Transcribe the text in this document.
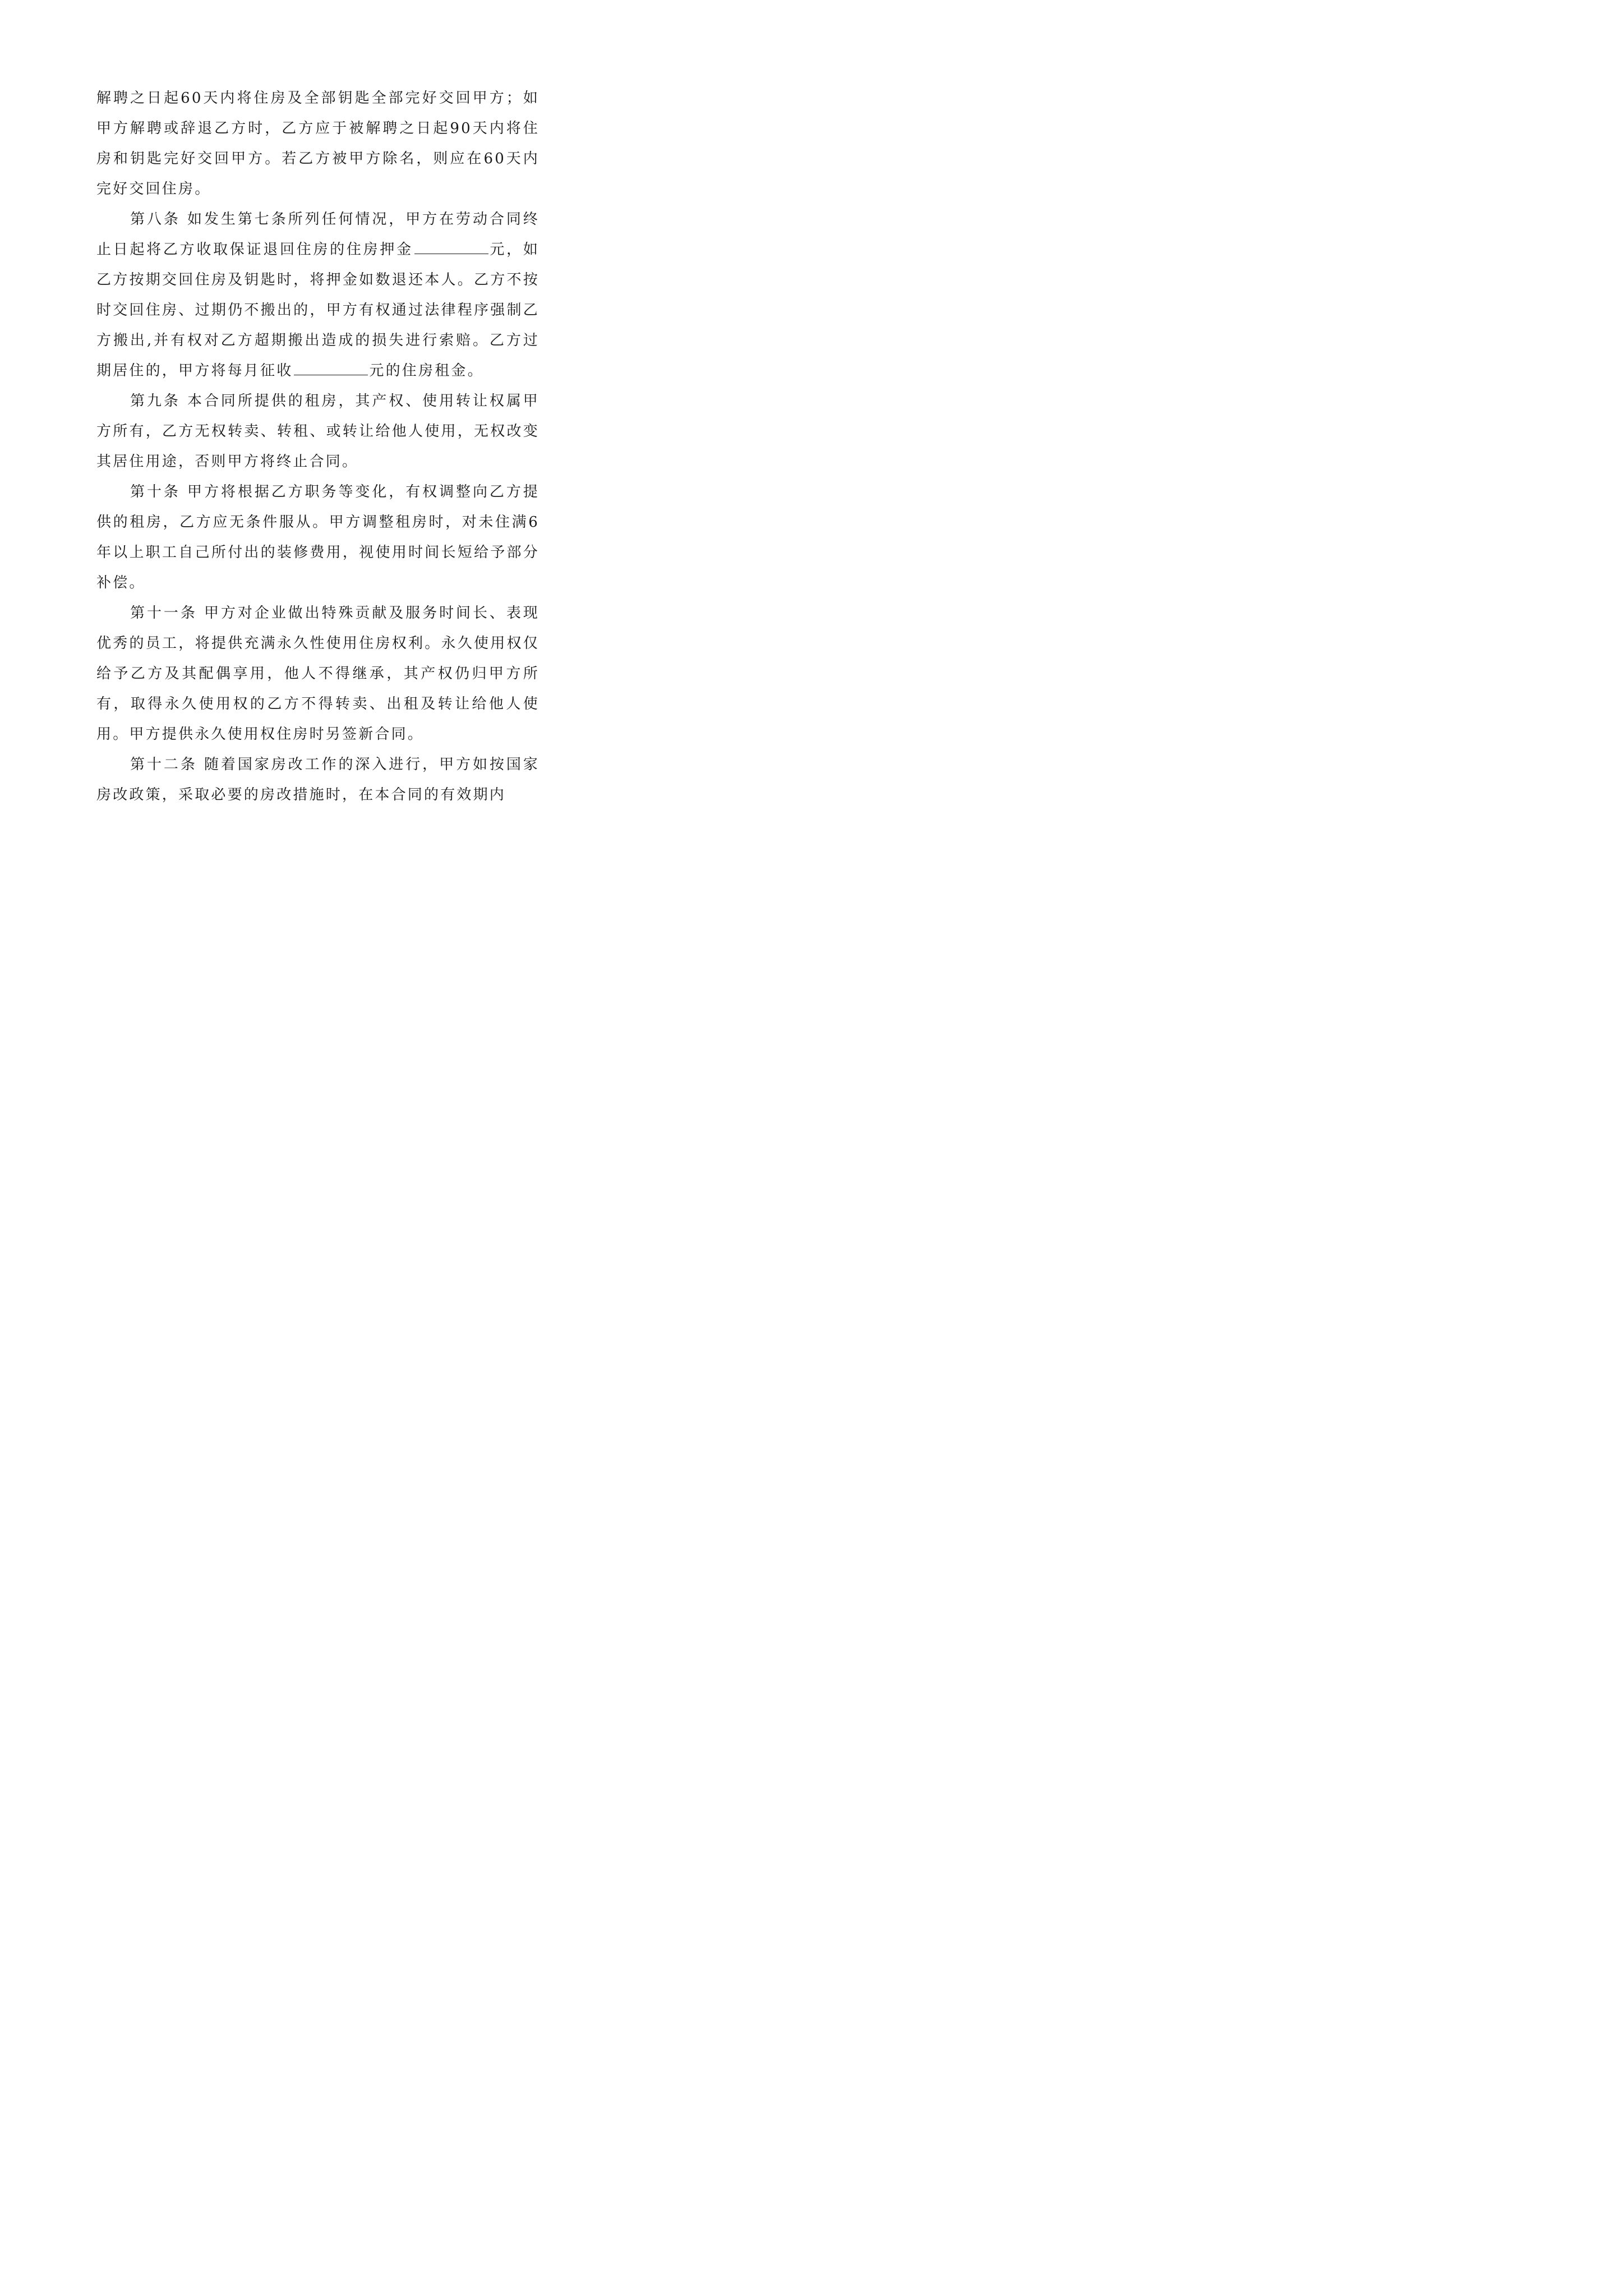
解聘之日起60天内将住房及全部钥匙全部完好交回甲方；如甲方解聘或辞退乙方时，乙方应于被解聘之日起90天内将住房和钥匙完好交回甲方。若乙方被甲方除名，则应在60天内完好交回住房。

第八条 如发生第七条所列任何情况，甲方在劳动合同终止日起将乙方收取保证退回住房的住房押金	元，如乙方按期交回住房及钥匙时，将押金如数退还本人。乙方不按时交回住房、过期仍不搬出的，甲方有权通过法律程序强制乙方搬出,并有权对乙方超期搬出造成的损失进行索赔。乙方过期居住的，甲方将每月征收	元的住房租金。

第九条 本合同所提供的租房，其产权、使用转让权属甲方所有，乙方无权转卖、转租、或转让给他人使用，无权改变其居住用途，否则甲方将终止合同。

第十条 甲方将根据乙方职务等变化，有权调整向乙方提供的租房，乙方应无条件服从。甲方调整租房时，对未住满6年以上职工自己所付出的装修费用，视使用时间长短给予部分补偿。

第十一条 甲方对企业做出特殊贡献及服务时间长、表现优秀的员工，将提供充满永久性使用住房权利。永久使用权仅给予乙方及其配偶享用，他人不得继承，其产权仍归甲方所有，取得永久使用权的乙方不得转卖、出租及转让给他人使用。甲方提供永久使用权住房时另签新合同。

第十二条 随着国家房改工作的深入进行，甲方如按国家房改政策，采取必要的房改措施时，在本合同的有效期内
